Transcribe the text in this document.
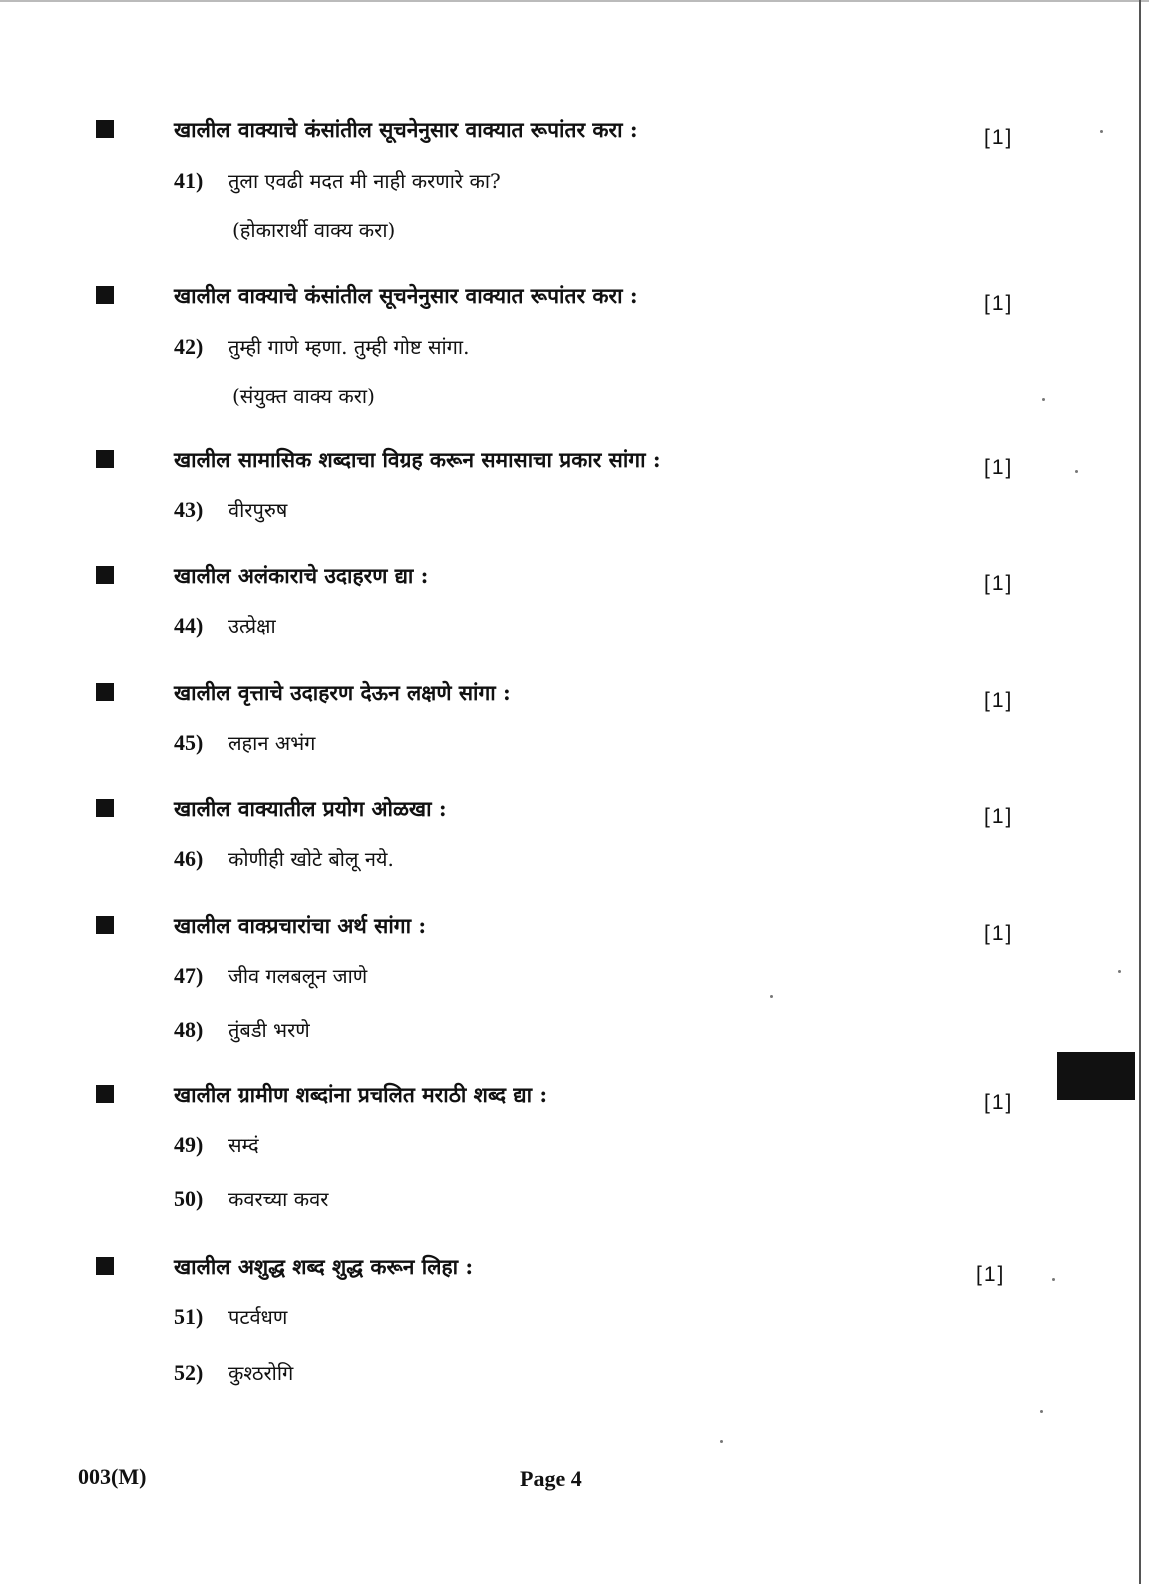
खालील वाक्याचे कंसांतील सूचनेनुसार वाक्यात रूपांतर करा :	[1]
41) तुला एवढी मदत मी नाही करणारे का?
(होकारार्थी वाक्य करा)
खालील वाक्याचे कंसांतील सूचनेनुसार वाक्यात रूपांतर करा :	[1]
42) तुम्ही गाणे म्हणा. तुम्ही गोष्ट सांगा.
(संयुक्त वाक्य करा)
खालील सामासिक शब्दाचा विग्रह करून समासाचा प्रकार सांगा :	[1]
43) वीरपुरुष
खालील अलंकाराचे उदाहरण द्या :	[1]
44) उत्प्रेक्षा
खालील वृत्ताचे उदाहरण देऊन लक्षणे सांगा :	[1]
45) लहान अभंग
खालील वाक्यातील प्रयोग ओळखा :	[1]
46) कोणीही खोटे बोलू नये.
खालील वाक्प्रचारांचा अर्थ सांगा :	[1]
47) जीव गलबलून जाणे
48) तुंबडी भरणे
खालील ग्रामीण शब्दांना प्रचलित मराठी शब्द द्या :	[1]
49) सम्दं
50) कवरच्या कवर
खालील अशुद्ध शब्द शुद्ध करून लिहा :	[1]
51) पटर्वधण
52) कुश्ठरोगि
003(M)	Page 4
